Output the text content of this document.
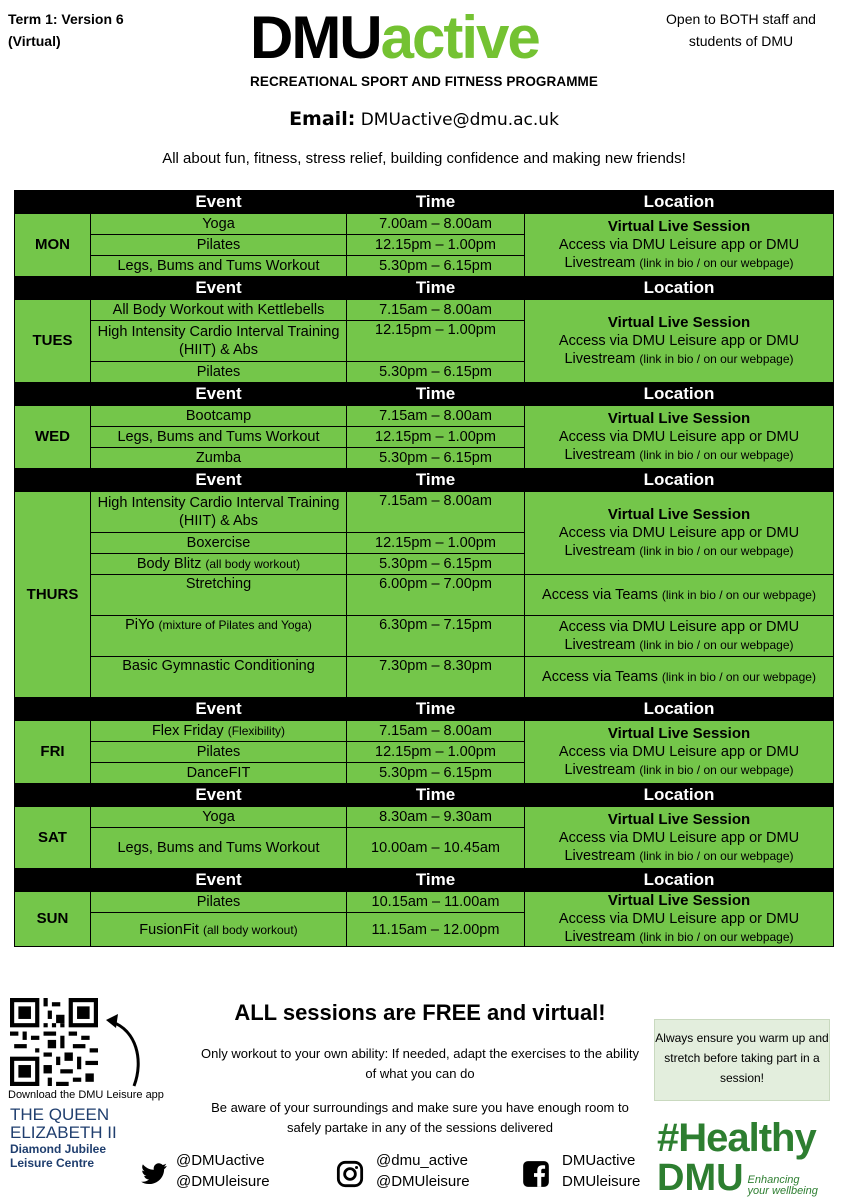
Term 1: Version 6
(Virtual)	DMUactive
RECREATIONAL SPORT AND FITNESS PROGRAMME
Open to BOTH staff and
students of DMU
Email: DMUactive@dmu.ac.uk
All about fun, fitness, stress relief, building confidence and making new friends!
	Event	Time	Location
MON	Yoga	7.00am – 8.00am	Virtual Live Session
Access via DMU Leisure app or DMU
Livestream (link in bio / on our webpage)

	Pilates	12.15pm – 1.00pm	
	Legs, Bums and Tums Workout	5.30pm – 6.15pm	
	Event	Time	Location
TUES	All Body Workout with Kettlebells	7.15am – 8.00am	Virtual Live Session
Access via DMU Leisure app or DMU
Livestream (link in bio / on our webpage)

	High Intensity Cardio Interval Training (HIIT) & Abs	12.15pm – 1.00pm	
	Pilates	5.30pm – 6.15pm	
	Event	Time	Location
WED	Bootcamp	7.15am – 8.00am	Virtual Live Session
Access via DMU Leisure app or DMU
Livestream (link in bio / on our webpage)

	Legs, Bums and Tums Workout	12.15pm – 1.00pm	
	Zumba	5.30pm – 6.15pm	
	Event	Time	Location
THURS	High Intensity Cardio Interval Training (HIIT) & Abs	7.15am – 8.00am	Virtual Live Session
Access via DMU Leisure app or DMU
Livestream (link in bio / on our webpage)

	Boxercise	12.15pm – 1.00pm	
	Body Blitz (all body workout)	5.30pm – 6.15pm	
	Stretching	6.00pm – 7.00pm	Access via Teams (link in bio / on our webpage)
	PiYo (mixture of Pilates and Yoga)	6.30pm – 7.15pm	Access via DMU Leisure app or DMU Livestream (link in bio / on our webpage)
	Basic Gymnastic Conditioning	7.30pm – 8.30pm	Access via Teams (link in bio / on our webpage)
	Event	Time	Location
FRI	Flex Friday (Flexibility)	7.15am – 8.00am	Virtual Live Session
Access via DMU Leisure app or DMU
Livestream (link in bio / on our webpage)

	Pilates	12.15pm – 1.00pm	
	DanceFIT	5.30pm – 6.15pm	
	Event	Time	Location
SAT	Yoga	8.30am – 9.30am	Virtual Live Session
Access via DMU Leisure app or DMU
Livestream (link in bio / on our webpage)

	Legs, Bums and Tums Workout	10.00am – 10.45am	
	Event	Time	Location
SUN	Pilates	10.15am – 11.00am	Virtual Live Session
Access via DMU Leisure app or DMU
Livestream (link in bio / on our webpage)

	FusionFit (all body workout)	11.15am – 12.00pm	
Download the DMU Leisure app
THE QUEEN
ELIZABETH II
Diamond Jubilee
Leisure Centre
ALL sessions are FREE and virtual!
Only workout to your own ability: If needed, adapt the exercises to the ability of what you can do
Be aware of your surroundings and make sure you have enough room to safely partake in any of the sessions delivered
Always ensure you warm up and stretch before taking part in a session!
#Healthy
DMU Enhancing
your wellbeing
@DMUactive
@DMUleisure
@dmu_active
@DMUleisure
DMUactive
DMUleisure
